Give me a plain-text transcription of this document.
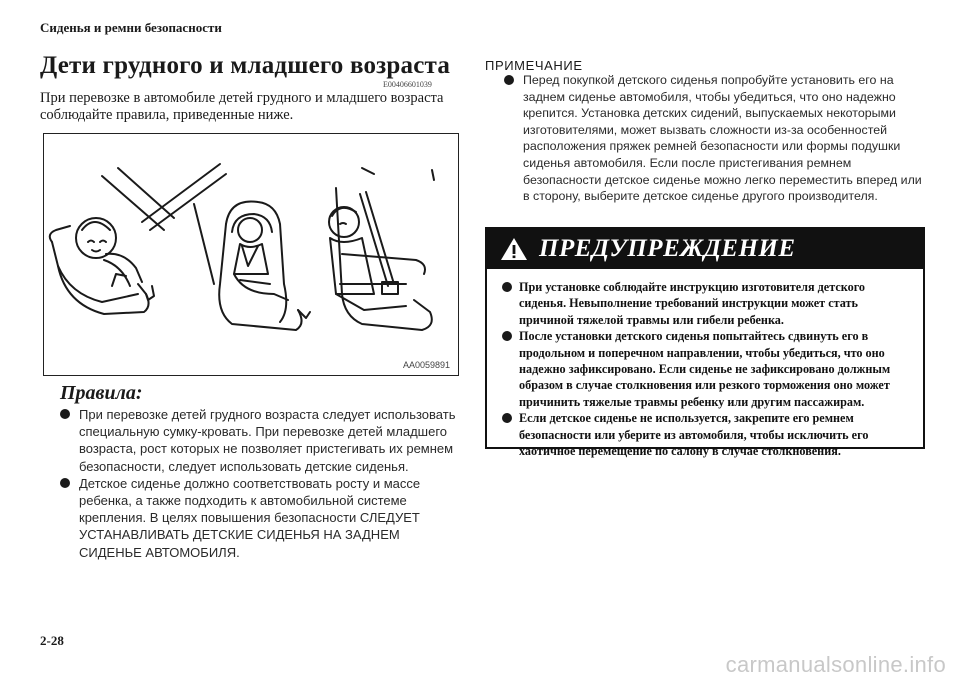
Сиденья и ремни безопасности
Дети грудного и младшего возраста
E00406601039

При перевозке в автомобиле детей грудного и младшего возраста соблюдайте правила, приведенные ниже.

AA0059891
Правила:
При перевозке детей грудного возраста следует использовать специальную сумку-кровать. При перевозке детей младшего возраста, рост которых не позволяет пристегивать их ремнем безопасности, следует использовать детские сиденья.
Детское сиденье должно соответствовать росту и массе ребенка, а также подходить к автомобильной системе крепления. В целях повышения безопасности СЛЕДУЕТ УСТАНАВЛИВАТЬ ДЕТСКИЕ СИДЕНЬЯ НА ЗАДНЕМ СИДЕНЬЕ АВТОМОБИЛЯ.
ПРИМЕЧАНИЕ
Перед покупкой детского сиденья попробуйте установить его на заднем сиденье автомобиля, чтобы убедиться, что оно надежно крепится. Установка детских сидений, выпускаемых некоторыми изготовителями, может вызвать сложности из-за особенностей расположения пряжек ремней безопасности или формы подушки сиденья автомобиля. Если после пристегивания ремнем безопасности детское сиденье можно легко переместить вперед или в сторону, выберите детское сиденье другого производителя.
ПРЕДУПРЕЖДЕНИЕ
При установке соблюдайте инструкцию изготовителя детского сиденья. Невыполнение требований инструкции может стать причиной тяжелой травмы или гибели ребенка.
После установки детского сиденья попытайтесь сдвинуть его в продольном и поперечном направлении, чтобы убедиться, что оно надежно зафиксировано. Если сиденье не зафиксировано должным образом в случае столкновения или резкого торможения оно может причинить тяжелые травмы ребенку или другим пассажирам.
Если детское сиденье не используется, закрепите его ремнем безопасности или уберите из автомобиля, чтобы исключить его хаотичное перемещение по салону в случае столкновения.
2-28
carmanualsonline.info
